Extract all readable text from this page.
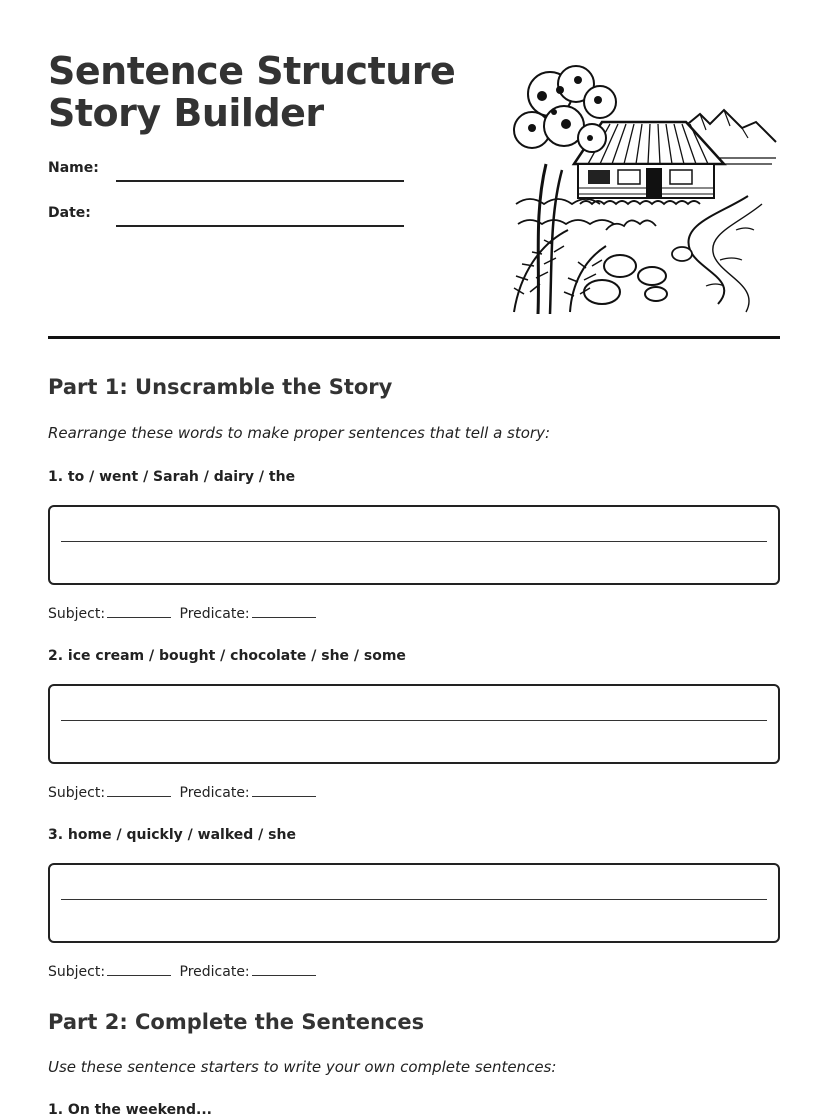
Sentence Structure
Story Builder
Name:
Date:
Part 1: Unscramble the Story
Rearrange these words to make proper sentences that tell a story:
1. to / went / Sarah / dairy / the
Subject:	Predicate:
2. ice cream / bought / chocolate / she / some
Subject:	Predicate:
3. home / quickly / walked / she
Subject:	Predicate:
Part 2: Complete the Sentences
Use these sentence starters to write your own complete sentences:
1. On the weekend...
